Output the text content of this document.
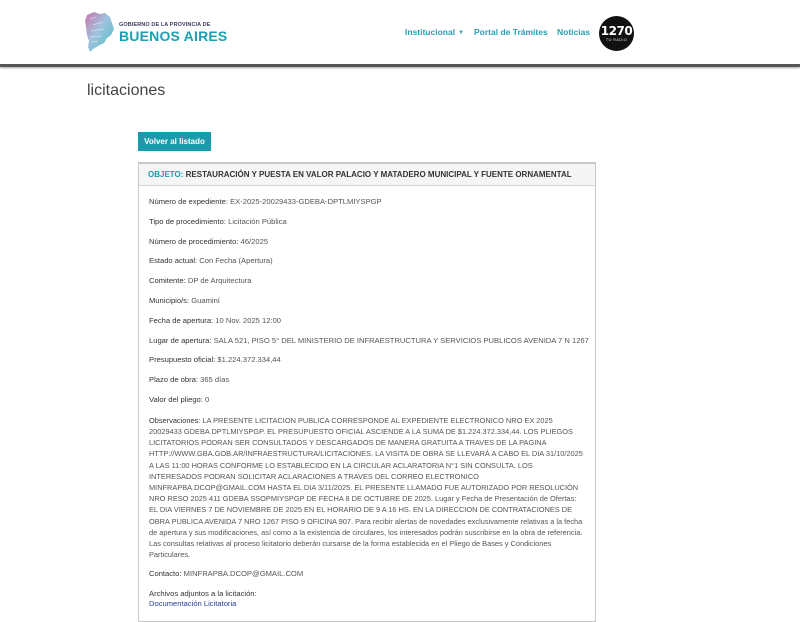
GOBIERNO DE LA PROVINCIA DE
BUENOS AIRES	Institucional ▼ Portal de Trámites Noticias 1270
TU RADIO
licitaciones
Volver al listado
OBJETO: RESTAURACIÓN Y PUESTA EN VALOR PALACIO Y MATADERO MUNICIPAL Y FUENTE ORNAMENTAL
Número de expediente: EX-2025-20029433-GDEBA-DPTLMIYSPGP
Tipo de procedimiento: Licitación Pública
Número de procedimiento: 46/2025
Estado actual: Con Fecha (Apertura)
Comitente: DP de Arquitectura
Municipio/s: Guaminí
Fecha de apertura: 10 Nov. 2025 12:00
Lugar de apertura: SALA 521, PISO 5° DEL MINISTERIO DE INFRAESTRUCTURA Y SERVICIOS PUBLICOS AVENIDA 7 N 1267
Presupuesto oficial: $1.224.372.334,44
Plazo de obra: 365 días
Valor del pliego: 0
Observaciones: LA PRESENTE LICITACION PUBLICA CORRESPONDE AL EXPEDIENTE ELECTRONICO NRO EX 2025 20029433 GDEBA DPTLMIYSPGP. EL PRESUPUESTO OFICIAL ASCIENDE A LA SUMA DE $1.224.372.334,44. LOS PLIEGOS LICITATORIOS PODRAN SER CONSULTADOS Y DESCARGADOS DE MANERA GRATUITA A TRAVES DE LA PAGINA HTTP://WWW.GBA.GOB.AR/INFRAESTRUCTURA/LICITACIONES. LA VISITA DE OBRA SE LLEVARÁ A CABO EL DIA 31/10/2025 A LAS 11:00 HORAS CONFORME LO ESTABLECIDO EN LA CIRCULAR ACLARATORIA N°1 SIN CONSULTA. LOS INTERESADOS PODRAN SOLICITAR ACLARACIONES A TRAVES DEL CORREO ELECTRONICO MINFRAPBA.DCOP@GMAIL.COM HASTA EL DIA 3/11/2025. EL PRESENTE LLAMADO FUE AUTORIZADO POR RESOLUCIÓN NRO RESO 2025 411 GDEBA SSOPMIYSPGP DE FECHA 8 DE OCTUBRE DE 2025. Lugar y Fecha de Presentación de Ofertas: EL DIA VIERNES 7 DE NOVIEMBRE DE 2025 EN EL HORARIO DE 9 A 16 HS. EN LA DIRECCION DE CONTRATACIONES DE OBRA PUBLICA AVENIDA 7 NRO 1267 PISO 9 OFICINA 907. Para recibir alertas de novedades exclusivamente relativas a la fecha de apertura y sus modificaciones, así como a la existencia de circulares, los interesados podrán suscribirse en la obra de referencia. Las consultas relativas al proceso licitatorio deberán cursarse de la forma establecida en el Pliego de Bases y Condiciones Particulares.
Contacto: MINFRAPBA.DCOP@GMAIL.COM
Archivos adjuntos a la licitación:
Documentación Licitatoria
